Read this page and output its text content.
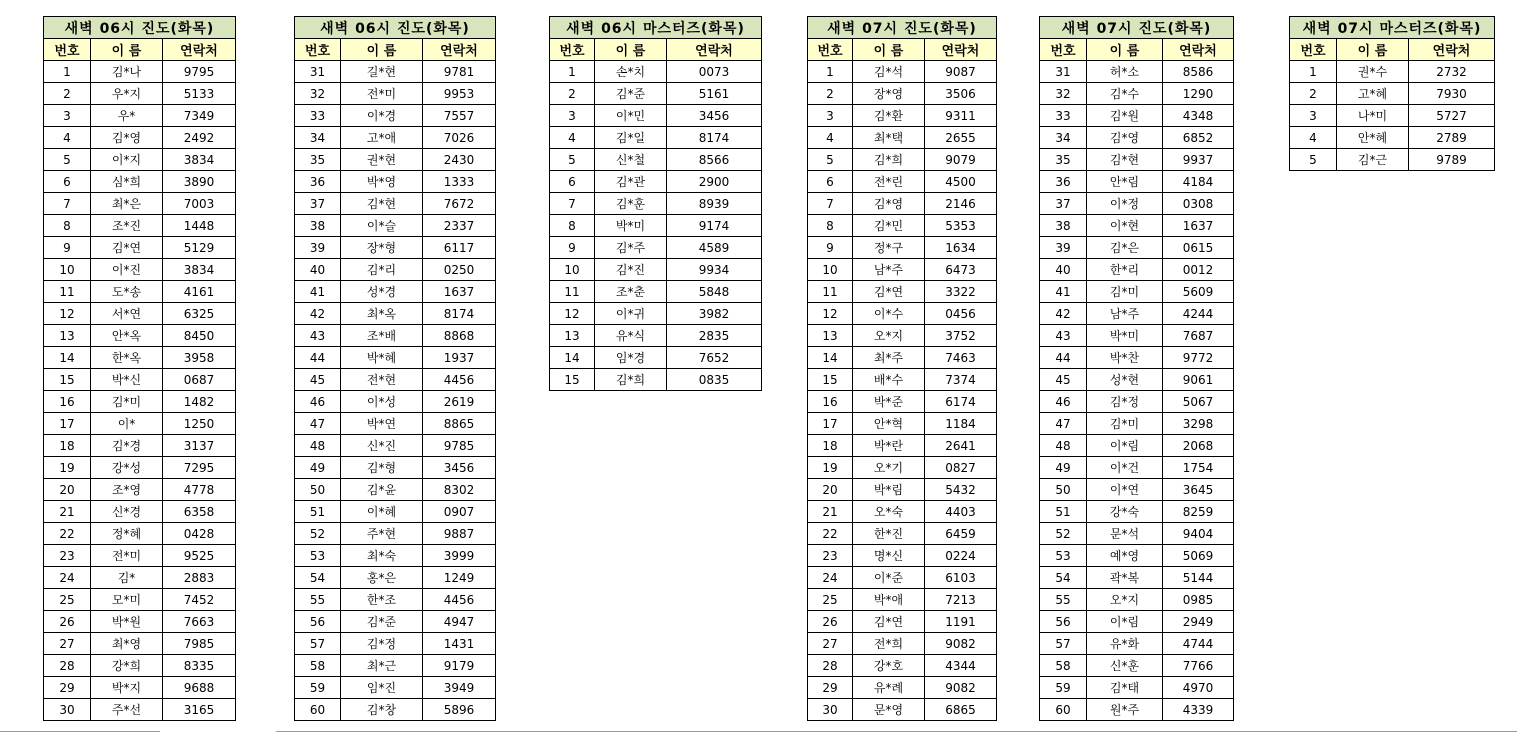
새벽 06시 진도(화목)		
번호	이 름	연락처
1	김*나	9795
2	우*지	5133
3	우*	7349
4	김*영	2492
5	이*지	3834
6	심*희	3890
7	최*은	7003
8	조*진	1448
9	김*연	5129
10	이*진	3834
11	도*송	4161
12	서*연	6325
13	안*옥	8450
14	한*옥	3958
15	박*신	0687
16	김*미	1482
17	이*	1250
18	김*경	3137
19	강*성	7295
20	조*영	4778
21	신*경	6358
22	정*혜	0428
23	전*미	9525
24	김*	2883
25	모*미	7452
26	박*원	7663
27	최*영	7985
28	강*희	8335
29	박*지	9688
30	주*선	3165
새벽 06시 진도(화목)		
번호	이 름	연락처
31	길*현	9781
32	전*미	9953
33	이*경	7557
34	고*애	7026
35	권*현	2430
36	박*영	1333
37	김*현	7672
38	이*슬	2337
39	장*형	6117
40	김*리	0250
41	성*경	1637
42	최*옥	8174
43	조*배	8868
44	박*혜	1937
45	전*현	4456
46	이*성	2619
47	박*연	8865
48	신*진	9785
49	김*형	3456
50	김*윤	8302
51	이*혜	0907
52	주*현	9887
53	최*숙	3999
54	홍*은	1249
55	한*조	4456
56	김*준	4947
57	김*정	1431
58	최*근	9179
59	임*진	3949
60	김*창	5896
새벽 06시 마스터즈(화목)		
번호	이 름	연락처
1	손*치	0073
2	김*준	5161
3	이*민	3456
4	김*일	8174
5	신*철	8566
6	김*관	2900
7	김*훈	8939
8	박*미	9174
9	김*주	4589
10	김*진	9934
11	조*춘	5848
12	이*귀	3982
13	유*식	2835
14	임*경	7652
15	김*희	0835
새벽 07시 진도(화목)		
번호	이 름	연락처
1	김*석	9087
2	장*영	3506
3	김*환	9311
4	최*택	2655
5	김*희	9079
6	전*린	4500
7	김*영	2146
8	김*민	5353
9	정*구	1634
10	남*주	6473
11	김*연	3322
12	이*수	0456
13	오*지	3752
14	최*주	7463
15	배*수	7374
16	박*준	6174
17	안*혁	1184
18	박*란	2641
19	오*기	0827
20	박*림	5432
21	오*숙	4403
22	한*진	6459
23	명*신	0224
24	이*준	6103
25	박*애	7213
26	김*연	1191
27	전*희	9082
28	강*호	4344
29	유*례	9082
30	문*영	6865
새벽 07시 진도(화목)		
번호	이 름	연락처
31	허*소	8586
32	김*수	1290
33	김*원	4348
34	김*영	6852
35	김*현	9937
36	안*림	4184
37	이*정	0308
38	이*현	1637
39	김*은	0615
40	한*리	0012
41	김*미	5609
42	남*주	4244
43	박*미	7687
44	박*찬	9772
45	성*현	9061
46	김*정	5067
47	김*미	3298
48	이*림	2068
49	이*건	1754
50	이*연	3645
51	강*숙	8259
52	문*석	9404
53	예*영	5069
54	곽*복	5144
55	오*지	0985
56	이*림	2949
57	유*화	4744
58	신*훈	7766
59	김*태	4970
60	원*주	4339
새벽 07시 마스터즈(화목)		
번호	이 름	연락처
1	권*수	2732
2	고*혜	7930
3	나*미	5727
4	안*혜	2789
5	김*근	9789
